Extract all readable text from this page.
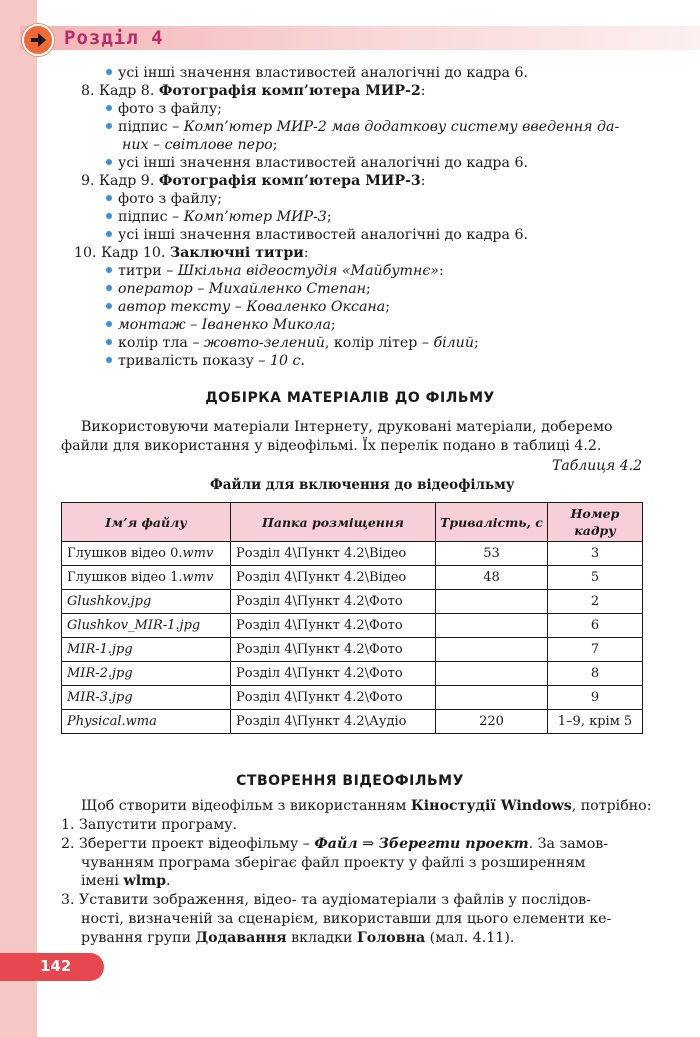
Розділ 4
усі інші значення властивостей аналогічні до кадра 6.
8. Кадр 8. Фотографія комп’ютера МИР-2:
фото з файлу;
підпис – Комп’ютер МИР-2 мав додаткову систему введення да-
них – світлове перо;
усі інші значення властивостей аналогічні до кадра 6.
9. Кадр 9. Фотографія комп’ютера МИР-3:
фото з файлу;
підпис – Комп’ютер МИР-3;
усі інші значення властивостей аналогічні до кадра 6.
10. Кадр 10. Заключні титри:
титри – Шкільна відеостудія «Майбутнє»:
оператор – Михайленко Степан;
автор тексту – Коваленко Оксана;
монтаж – Іваненко Микола;
колір тла – жовто-зелений, колір літер – білий;
тривалість показу – 10 с.
ДОБІРКА МАТЕРІАЛІВ ДО ФІЛЬМУ
Використовуючи матеріали Інтернету, друковані матеріали, доберемо
файли для використання у відеофільмі. Їх перелік подано в таблиці 4.2.
Таблиця 4.2
Файли для включення до відеофільму
Ім’я файлу	Папка розміщення	Тривалість, с	Номер кадру
Глушков відео 0.wmv	Розділ 4\Пункт 4.2\Відео	53	3
Глушков відео 1.wmv	Розділ 4\Пункт 4.2\Відео	48	5
Glushkov.jpg	Розділ 4\Пункт 4.2\Фото		2
Glushkov_MIR-1.jpg	Розділ 4\Пункт 4.2\Фото		6
MIR-1.jpg	Розділ 4\Пункт 4.2\Фото		7
MIR-2.jpg	Розділ 4\Пункт 4.2\Фото		8
MIR-3.jpg	Розділ 4\Пункт 4.2\Фото		9
Physical.wma	Розділ 4\Пункт 4.2\Аудіо	220	1–9, крім 5
СТВОРЕННЯ ВІДЕОФІЛЬМУ
Щоб створити відеофільм з використанням Кіностудії Windows, потрібно:
1. Запустити програму.
2. Зберегти проект відеофільму – Файл ⇒ Зберегти проект. За замов-
чуванням програма зберігає файл проекту у файлі з розширенням
імені wlmp.
3. Уставити зображення, відео- та аудіоматеріали з файлів у послідов-
ності, визначеній за сценарієм, використавши для цього елементи ке-
рування групи Додавання вкладки Головна (мал. 4.11).
142
